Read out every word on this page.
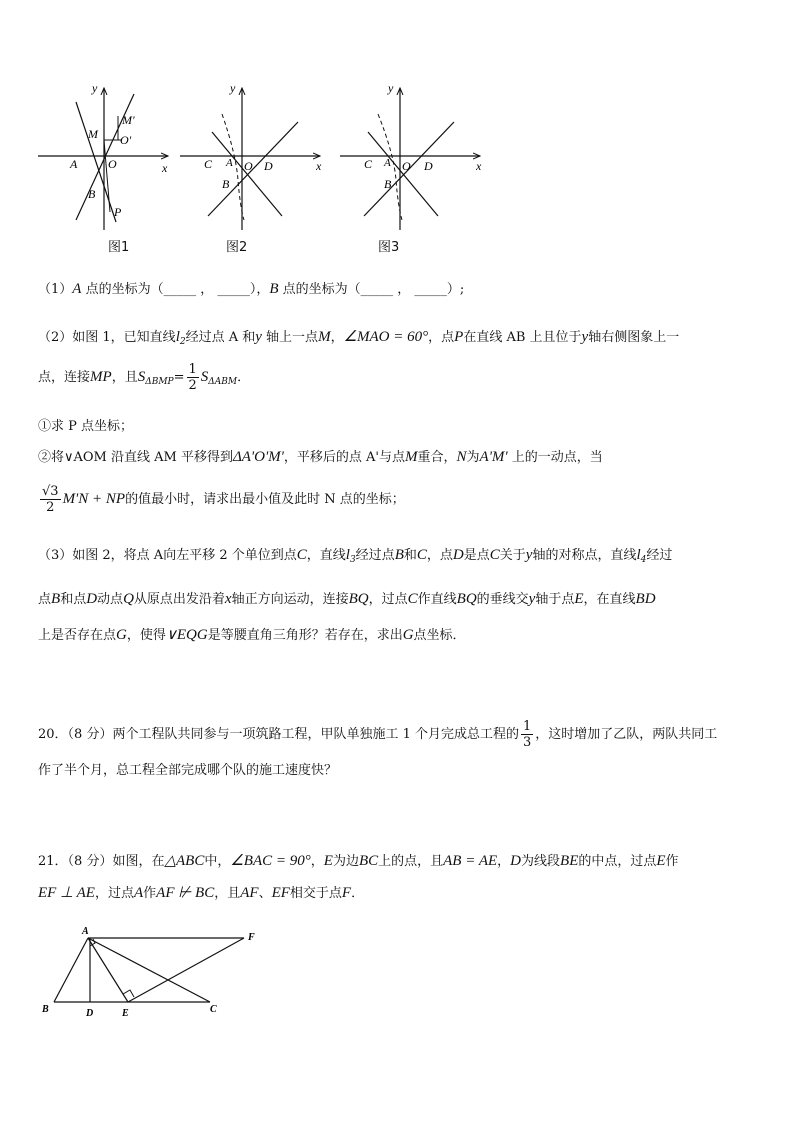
y
x
O
A
B
M
M'
O'
P
图1
y
x
C A O D
B
图2
y
x
C A O D
B
图3
（1）A 点的坐标为（_____ ， _____），B 点的坐标为（_____ ， _____）;
（2）如图 1，已知直线$l_2$经过点 A 和y 轴上一点M，∠MAO = 60°，点P在直线 AB 上且位于y轴右侧图象上一
点，连接MP，且$S_{\Delta BMP}= \frac{1}{2} S_{\Delta ABM}$．
①求 P 点坐标；
②将∨AOM 沿直线 AM 平移得到ΔA'O'M'，平移后的点 A'与点M重合，N为A'M' 上的一动点，当
$\frac{√3}{2} M'N$ + NP的值最小时，请求出最小值及此时 N 点的坐标；
（3）如图 2，将点 A向左平移 2 个单位到点C，直线$l_3$经过点B和C，点D是点C关于y轴的对称点，直线$l_4$经过
点B和点D动点Q从原点出发沿着x轴正方向运动，连接BQ，过点C作直线BQ的垂线交y轴于点E，在直线BD
上是否存在点G，使得∨EQG是等腰直角三角形？若存在，求出G点坐标．
20．（8 分）两个工程队共同参与一项筑路工程，甲队单独施工 1 个月完成总工程的 $\frac{1}{3}$ ，这时增加了乙队，两队共同工
作了半个月，总工程全部完成哪个队的施工速度快？
21．（8 分）如图，在△ABC中，∠BAC = 90°，E为边BC上的点，且AB = AE，D为线段BE的中点，过点E作
EF ⊥ AE，过点A作AF ⊬ BC，且AF、EF相交于点F．
A
F
B	D	E	C
